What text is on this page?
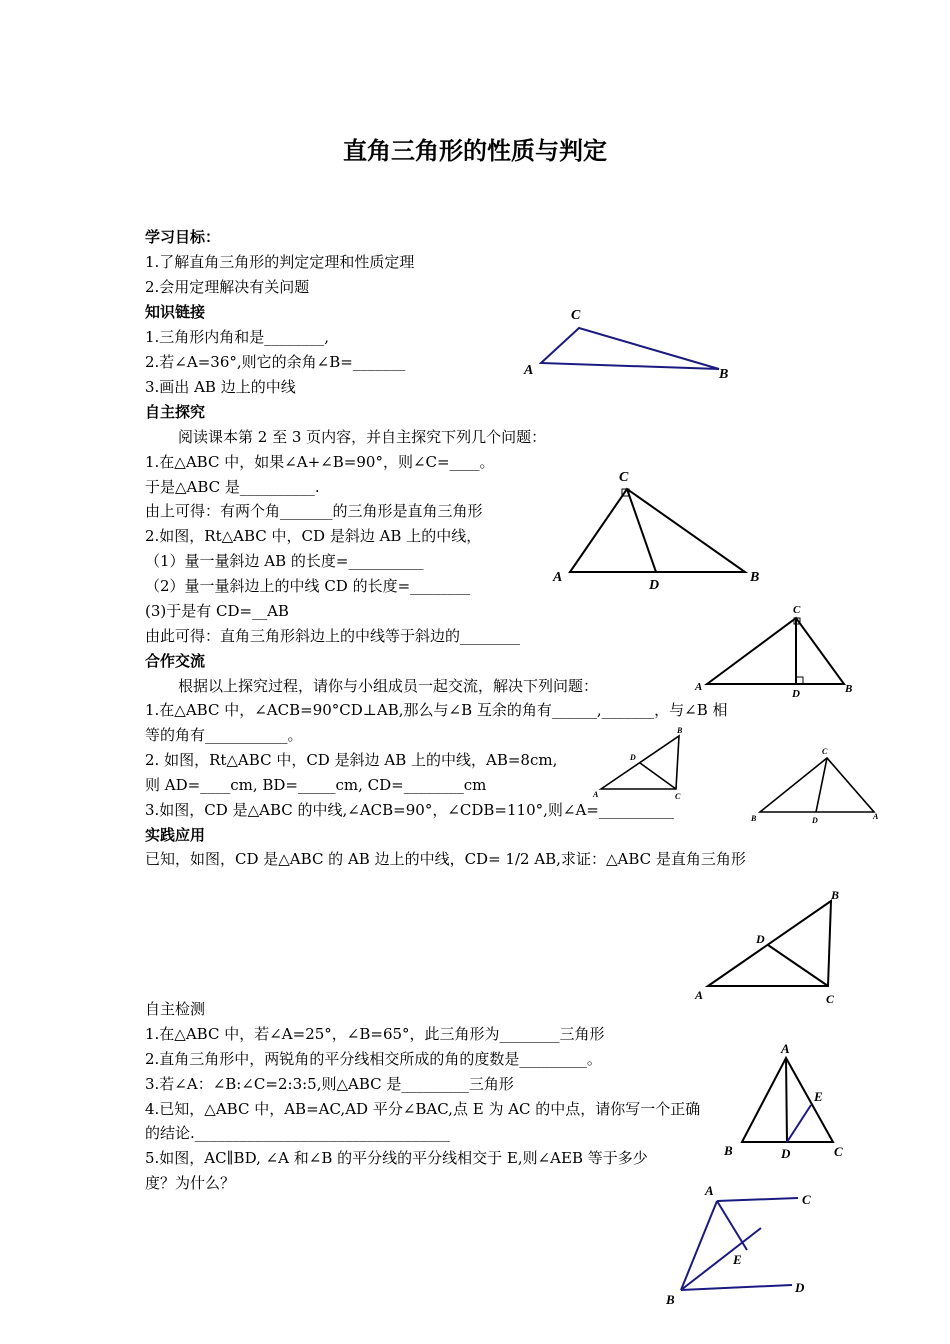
直角三角形的性质与判定
学习目标：
1.了解直角三角形的判定定理和性质定理
2.会用定理解决有关问题
知识链接
1.三角形内角和是________,
2.若∠A=36°,则它的余角∠B=_______
3.画出 AB 边上的中线
自主探究
阅读课本第 2 至 3 页内容，并自主探究下列几个问题：
1.在△ABC 中，如果∠A+∠B=90°，则∠C=____。
于是△ABC 是__________.
由上可得：有两个角_______的三角形是直角三角形
2.如图，Rt△ABC 中，CD 是斜边 AB 上的中线，
（1）量一量斜边 AB 的长度=__________
（2）量一量斜边上的中线 CD 的长度=________
(3)于是有 CD=__AB
由此可得：直角三角形斜边上的中线等于斜边的________
合作交流
根据以上探究过程，请你与小组成员一起交流，解决下列问题：
1.在△ABC 中，∠ACB=90°CD⊥AB,那么与∠B 互余的角有______,_______，与∠B 相
等的角有___________。
2. 如图，Rt△ABC 中，CD 是斜边 AB 上的中线，AB=8cm,
则 AD=____cm, BD=_____cm, CD=________cm
3.如图，CD 是△ABC 的中线,∠ACB=90°，∠CDB=110°,则∠A=__________
实践应用
已知，如图，CD 是△ABC 的 AB 边上的中线，CD= 1/2 AB,求证：△ABC 是直角三角形
自主检测
1.在△ABC 中，若∠A=25°，∠B=65°，此三角形为________三角形
2.直角三角形中，两锐角的平分线相交所成的角的度数是_________。
3.若∠A：∠B:∠C=2:3:5,则△ABC 是_________三角形
4.已知，△ABC 中，AB=AC,AD 平分∠BAC,点 E 为 AC 的中点，请你写一个正确
的结论.__________________________________
5.如图，AC∥BD, ∠A 和∠B 的平分线的平分线相交于 E,则∠AEB 等于多少
度？为什么？
C
A	B
C
A
D
B
C
A
D	B
B
D
A	C
C
B	D	A
B
D
A	C
A
E
B	D	C
A
C
E
B
D
